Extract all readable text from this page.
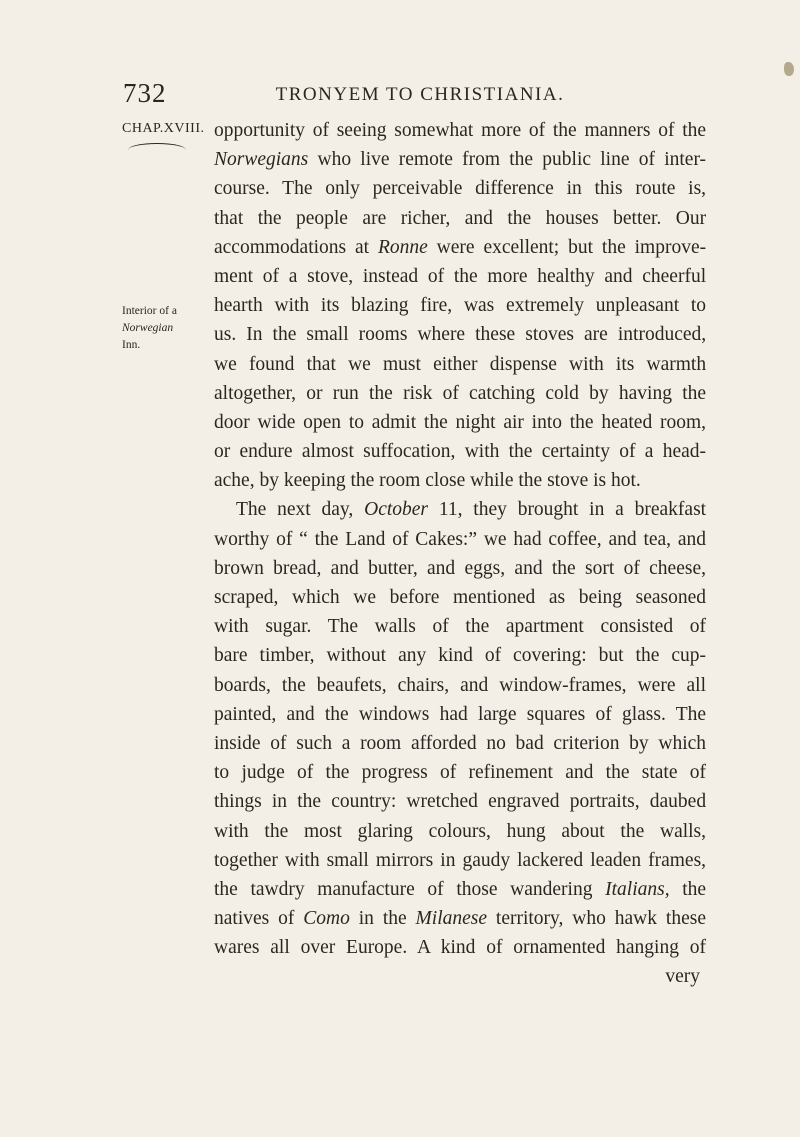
732	TRONYEM TO CHRISTIANIA.
CHAP.XVIII.
Interior of a
Norwegian
Inn.
opportunity of seeing somewhat more of the manners of the
Norwegians who live remote from the public line of inter-
course. The only perceivable difference in this route is,
that the people are richer, and the houses better. Our
accommodations at Ronne were excellent; but the improve-
ment of a stove, instead of the more healthy and cheerful
hearth with its blazing fire, was extremely unpleasant to
us. In the small rooms where these stoves are introduced,
we found that we must either dispense with its warmth
altogether, or run the risk of catching cold by having the
door wide open to admit the night air into the heated room,
or endure almost suffocation, with the certainty of a head-
ache, by keeping the room close while the stove is hot.
The next day, October 11, they brought in a breakfast
worthy of “ the Land of Cakes:” we had coffee, and tea, and
brown bread, and butter, and eggs, and the sort of cheese,
scraped, which we before mentioned as being seasoned
with sugar. The walls of the apartment consisted of
bare timber, without any kind of covering: but the cup-
boards, the beaufets, chairs, and window-frames, were all
painted, and the windows had large squares of glass. The
inside of such a room afforded no bad criterion by which
to judge of the progress of refinement and the state of
things in the country: wretched engraved portraits, daubed
with the most glaring colours, hung about the walls,
together with small mirrors in gaudy lackered leaden frames,
the tawdry manufacture of those wandering Italians, the
natives of Como in the Milanese territory, who hawk these
wares all over Europe. A kind of ornamented hanging of
very
